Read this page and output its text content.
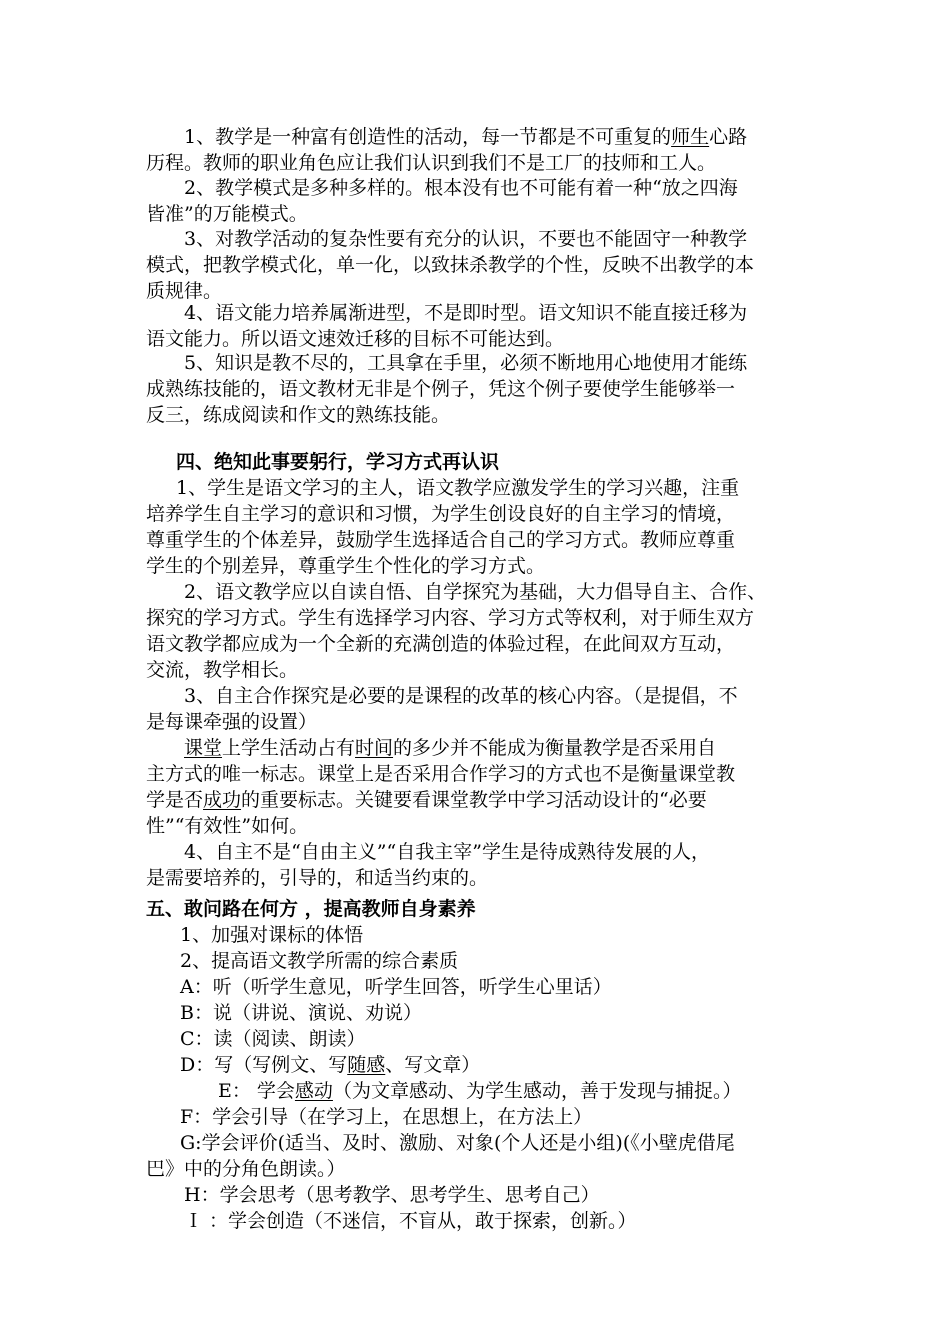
1、教学是一种富有创造性的活动，每一节都是不可重复的师生心路
历程。教师的职业角色应让我们认识到我们不是工厂的技师和工人。
2、教学模式是多种多样的。根本没有也不可能有着一种“放之四海
皆准”的万能模式。
3、对教学活动的复杂性要有充分的认识，不要也不能固守一种教学
模式，把教学模式化，单一化，以致抹杀教学的个性，反映不出教学的本
质规律。
4、语文能力培养属渐进型，不是即时型。语文知识不能直接迁移为
语文能力。所以语文速效迁移的目标不可能达到。
5、知识是教不尽的，工具拿在手里，必须不断地用心地使用才能练
成熟练技能的，语文教材无非是个例子，凭这个例子要使学生能够举一
反三，练成阅读和作文的熟练技能。
四、绝知此事要躬行，学习方式再认识
1、学生是语文学习的主人，语文教学应激发学生的学习兴趣，注重
培养学生自主学习的意识和习惯，为学生创设良好的自主学习的情境，
尊重学生的个体差异，鼓励学生选择适合自己的学习方式。教师应尊重
学生的个别差异，尊重学生个性化的学习方式。
2、语文教学应以自读自悟、自学探究为基础，大力倡导自主、合作、
探究的学习方式。学生有选择学习内容、学习方式等权利，对于师生双方
语文教学都应成为一个全新的充满创造的体验过程，在此间双方互动，
交流，教学相长。
3、自主合作探究是必要的是课程的改革的核心内容。（是提倡，不
是每课牵强的设置）
课堂上学生活动占有时间的多少并不能成为衡量教学是否采用自
主方式的唯一标志。课堂上是否采用合作学习的方式也不是衡量课堂教
学是否成功的重要标志。关键要看课堂教学中学习活动设计的“必要
性”“有效性”如何。
4、自主不是“自由主义”“自我主宰”学生是待成熟待发展的人，
是需要培养的，引导的，和适当约束的。
五、敢问路在何方 ，提高教师自身素养
1、加强对课标的体悟
2、提高语文教学所需的综合素质
A：听（听学生意见，听学生回答，听学生心里话）
B：说（讲说、演说、劝说）
C：读（阅读、朗读）
D：写（写例文、写随感、写文章）
E： 学会感动（为文章感动、为学生感动，善于发现与捕捉。）
F：学会引导（在学习上，在思想上，在方法上）
G:学会评价(适当、及时、激励、对象(个人还是小组)(《小壁虎借尾
巴》中的分角色朗读。）
H：学会思考（思考教学、思考学生、思考自己）
Ｉ ：学会创造（不迷信，不盲从，敢于探索，创新。）
